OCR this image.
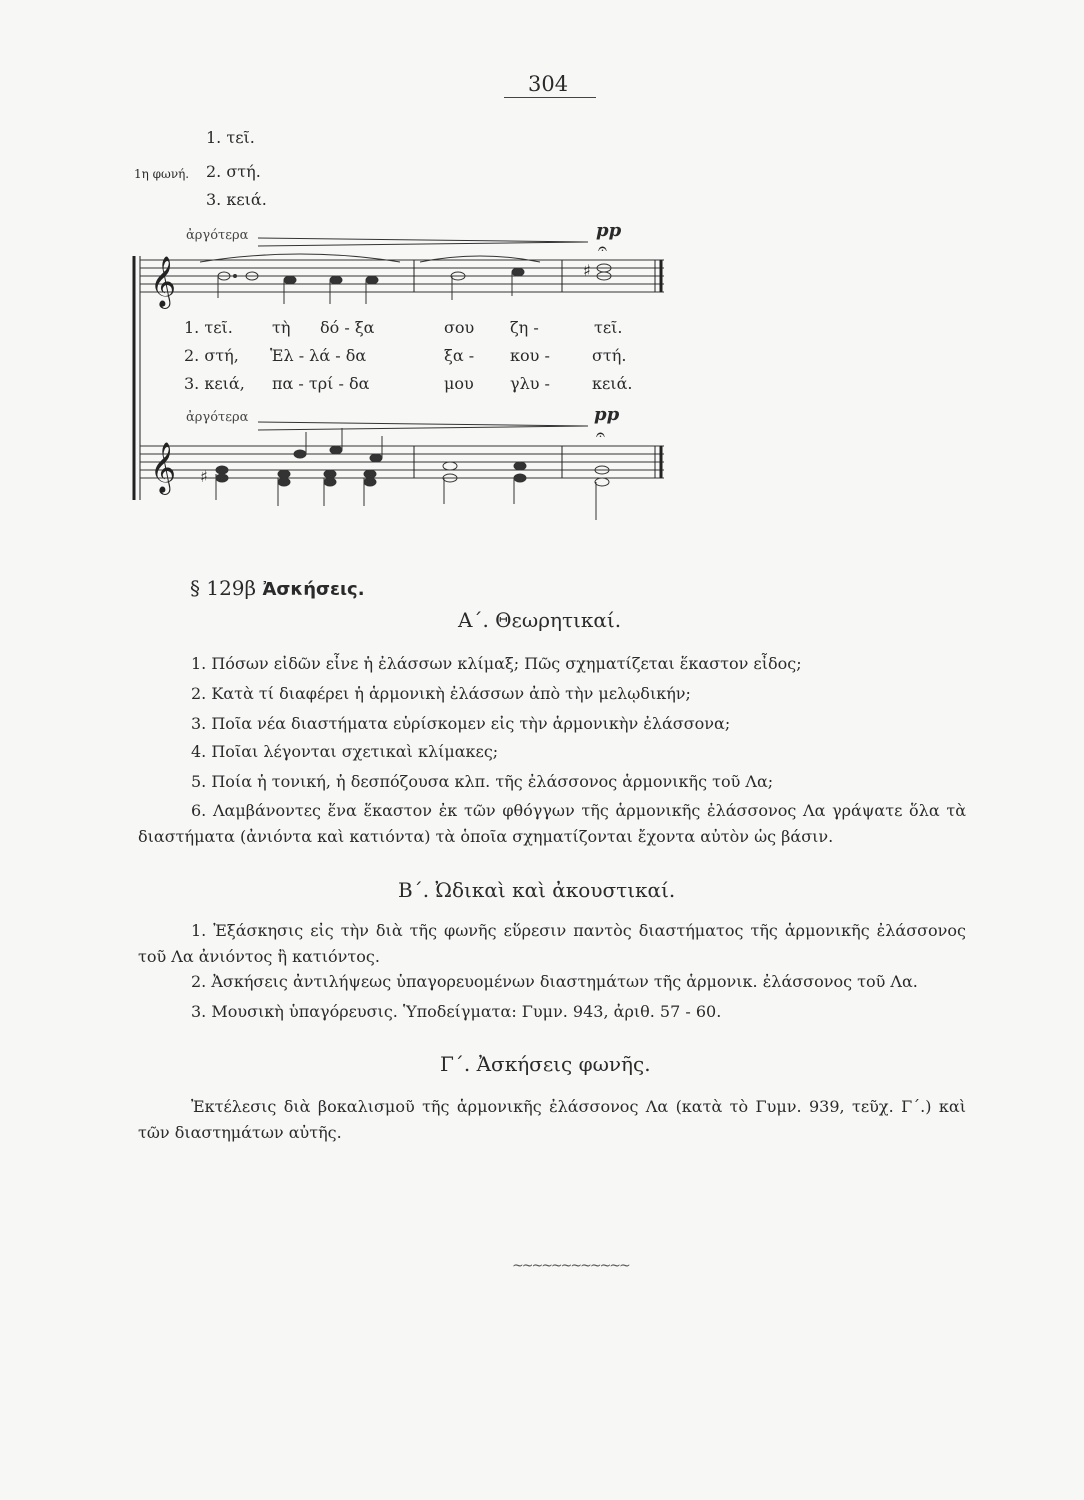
304
1. τεῖ.
1η φωνή. 2. στή.
3. κειά.
ἀργότερα	pp
ἀργότερα	pp
𝄞	♯
𝄐
𝄞 ♯
𝄐
1. τεῖ. τὴ δό - ξα	σου ζη -	τεῖ.
2. στή, Ἑλ - λά - δα	ξα - κου -	στή.
3. κειά, πα - τρί - δα	μου γλυ -	κειά.
§ 129β Ἀσκήσεις.
Α΄. Θεωρητικαί.
1. Πόσων εἰδῶν εἶνε ἡ ἐλάσσων κλίμαξ; Πῶς σχηματίζεται ἕκαστον εἶδος;
2. Κατὰ τί διαφέρει ἡ ἁρμονικὴ ἐλάσσων ἀπὸ τὴν μελῳδικήν;
3. Ποῖα νέα διαστήματα εὑρίσκομεν εἰς τὴν ἁρμονικὴν ἐλάσσονα;
4. Ποῖαι λέγονται σχετικαὶ κλίμακες;
5. Ποία ἡ τονική, ἡ δεσπόζουσα κλπ. τῆς ἐλάσσονος ἁρμονικῆς τοῦ Λα;
6. Λαμβάνοντες ἕνα ἕκαστον ἐκ τῶν φθόγγων τῆς ἁρμονικῆς ἐλάσσονος Λα γράψατε ὅλα τὰ διαστήματα (ἀνιόντα καὶ κατιόντα) τὰ ὁποῖα σχηματίζονται ἔχοντα αὐτὸν ὡς βάσιν.
Β΄. Ὠδικαὶ καὶ ἀκουστικαί.
1. Ἐξάσκησις εἰς τὴν διὰ τῆς φωνῆς εὕρεσιν παντὸς διαστήματος τῆς ἁρμονικῆς ἐλάσσονος τοῦ Λα ἀνιόντος ἢ κατιόντος.
2. Ἀσκήσεις ἀντιλήψεως ὑπαγορευομένων διαστημάτων τῆς ἁρμονικ. ἐλάσσονος τοῦ Λα.
3. Μουσικὴ ὑπαγόρευσις. Ὑποδείγματα: Γυμν. 943, ἀριθ. 57 - 60.
Γ΄. Ἀσκήσεις φωνῆς.
Ἐκτέλεσις διὰ βοκαλισμοῦ τῆς ἁρμονικῆς ἐλάσσονος Λα (κατὰ τὸ Γυμν. 939, τεῦχ. Γ΄.) καὶ τῶν διαστημάτων αὐτῆς.
~~~~~~~~~~~~
